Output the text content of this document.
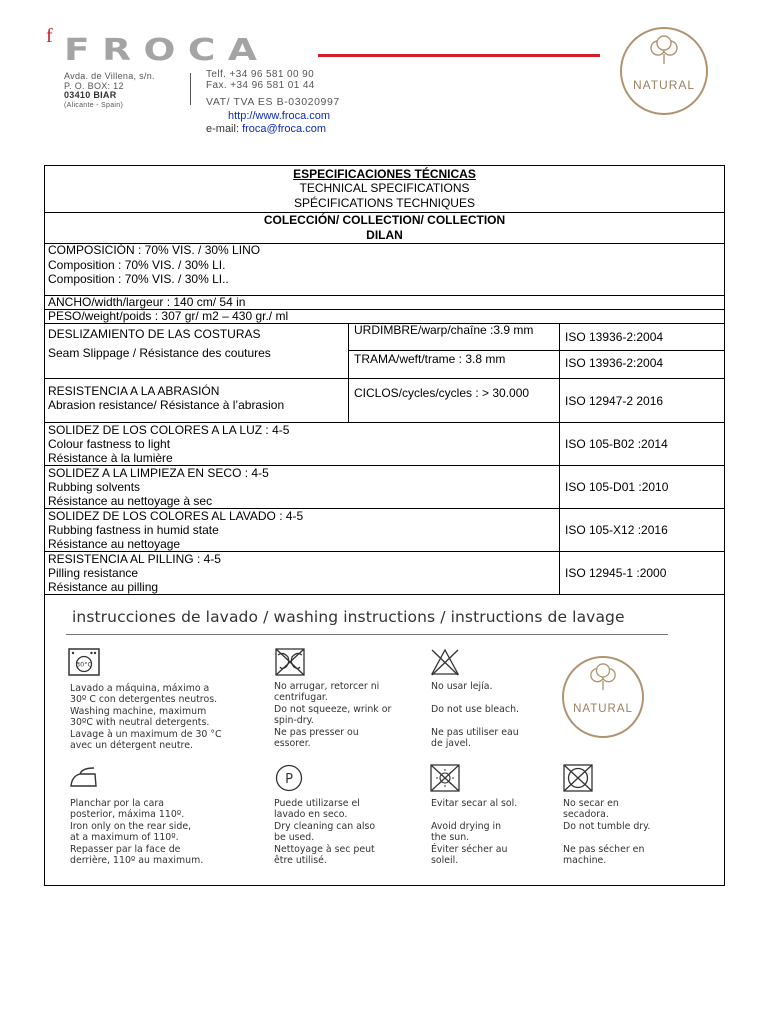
f FROCA
Avda. de Villena, s/n.
P. O. BOX: 12
03410 BIAR
(Alicante - Spain)
Telf. +34 96 581 00 90
Fax. +34 96 581 01 44
VAT/ TVA ES B-03020997
http://www.froca.com
e-mail: froca@froca.com
NATURAL
ESPECIFICACIONES TÉCNICAS
TECHNICAL SPECIFICATIONS
SPÉCIFICATIONS TECHNIQUES
COLECCIÓN/ COLLECTION/ COLLECTION
DILAN
COMPOSICIÓN : 70% VIS. / 30% LINO
Composition : 70% VIS. / 30% LI.
Composition : 70% VIS. / 30% LI..
ANCHO/width/largeur : 140 cm/ 54 in
PESO/weight/poids : 307 gr/ m2 – 430 gr./ ml
DESLIZAMIENTO DE LAS COSTURAS
Seam Slippage / Résistance des coutures
URDIMBRE/warp/chaîne :3.9 mm	ISO 13936-2:2004
TRAMA/weft/trame : 3.8 mm	ISO 13936-2:2004
RESISTENCIA A LA ABRASIÓN
Abrasion resistance/ Résistance à l’abrasion
CICLOS/cycles/cycles : > 30.000
ISO 12947-2 2016
SOLIDEZ DE LOS COLORES A LA LUZ : 4-5
Colour fastness to light
Résistance à la lumière
ISO 105-B02 :2014
SOLIDEZ A LA LIMPIEZA EN SECO : 4-5
Rubbing solvents
Résistance au nettoyage à sec
ISO 105-D01 :2010
SOLIDEZ DE LOS COLORES AL LAVADO : 4-5
Rubbing fastness in humid state
Résistance au nettoyage
ISO 105-X12 :2016
RESISTENCIA AL PILLING : 4-5
Pilling resistance
Résistance au pilling
ISO 12945-1 :2000
instrucciones de lavado / washing instructions / instructions de lavage
30°C
NATURAL
Lavado a máquina, máximo a
30º C con detergentes neutros.
Washing machine, maximum
30ºC with neutral detergents.
Lavage à un maximum de 30 °C
avec un détergent neutre.
No arrugar, retorcer ni
centrifugar.
Do not squeeze, wrink or
spin-dry.
Ne pas presser ou
essorer.
No usar lejía.
Do not use bleach.
Ne pas utiliser eau
de javel.
P
Planchar por la cara
posterior, máxima 110º.
Iron only on the rear side,
at a maximum of 110º.
Repasser par la face de
derrière, 110º au maximum.
Puede utilizarse el
lavado en seco.
Dry cleaning can also
be used.
Nettoyage à sec peut
être utilisé.
Evitar secar al sol.
Avoid drying in
the sun.
Éviter sécher au
soleil.
No secar en
secadora.
Do not tumble dry.
Ne pas sécher en
machine.
